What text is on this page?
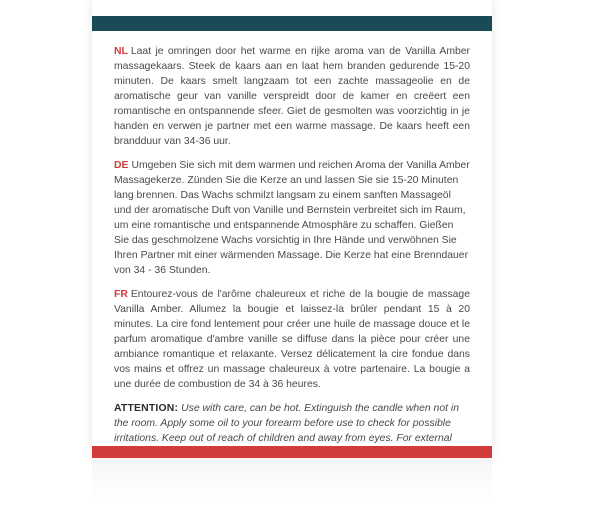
NL Laat je omringen door het warme en rijke aroma van de Vanilla Amber massagekaars. Steek de kaars aan en laat hem branden gedurende 15-20 minuten. De kaars smelt langzaam tot een zachte massageolie en de aromatische geur van vanille verspreidt door de kamer en creëert een romantische en ontspannende sfeer. Giet de gesmolten was voorzichtig in je handen en verwen je partner met een warme massage. De kaars heeft een brandduur van 34-36 uur.

DE Umgeben Sie sich mit dem warmen und reichen Aroma der Vanilla Amber Massagekerze. Zünden Sie die Kerze an und lassen Sie sie 15-20 Minuten lang brennen. Das Wachs schmilzt langsam zu einem sanften Massageöl und der aromatische Duft von Vanille und Bernstein verbreitet sich im Raum, um eine romantische und entspannende Atmosphäre zu schaffen. Gießen Sie das geschmolzene Wachs vorsichtig in Ihre Hände und verwöhnen Sie Ihren Partner mit einer wärmenden Massage. Die Kerze hat eine Brenndauer von 34 - 36 Stunden.

FR Entourez-vous de l'arôme chaleureux et riche de la bougie de massage Vanilla Amber. Allumez la bougie et laissez-la brûler pendant 15 à 20 minutes. La cire fond lentement pour créer une huile de massage douce et le parfum aromatique d'ambre vanille se diffuse dans la pièce pour créer une ambiance romantique et relaxante. Versez délicatement la cire fondue dans vos mains et offrez un massage chaleureux à votre partenaire. La bougie a une durée de combustion de 34 à 36 heures.

ATTENTION: Use with care, can be hot. Extinguish the candle when not in the room. Apply some oil to your forearm before use to check for possible irritations. Keep out of reach of children and away from eyes. For external
